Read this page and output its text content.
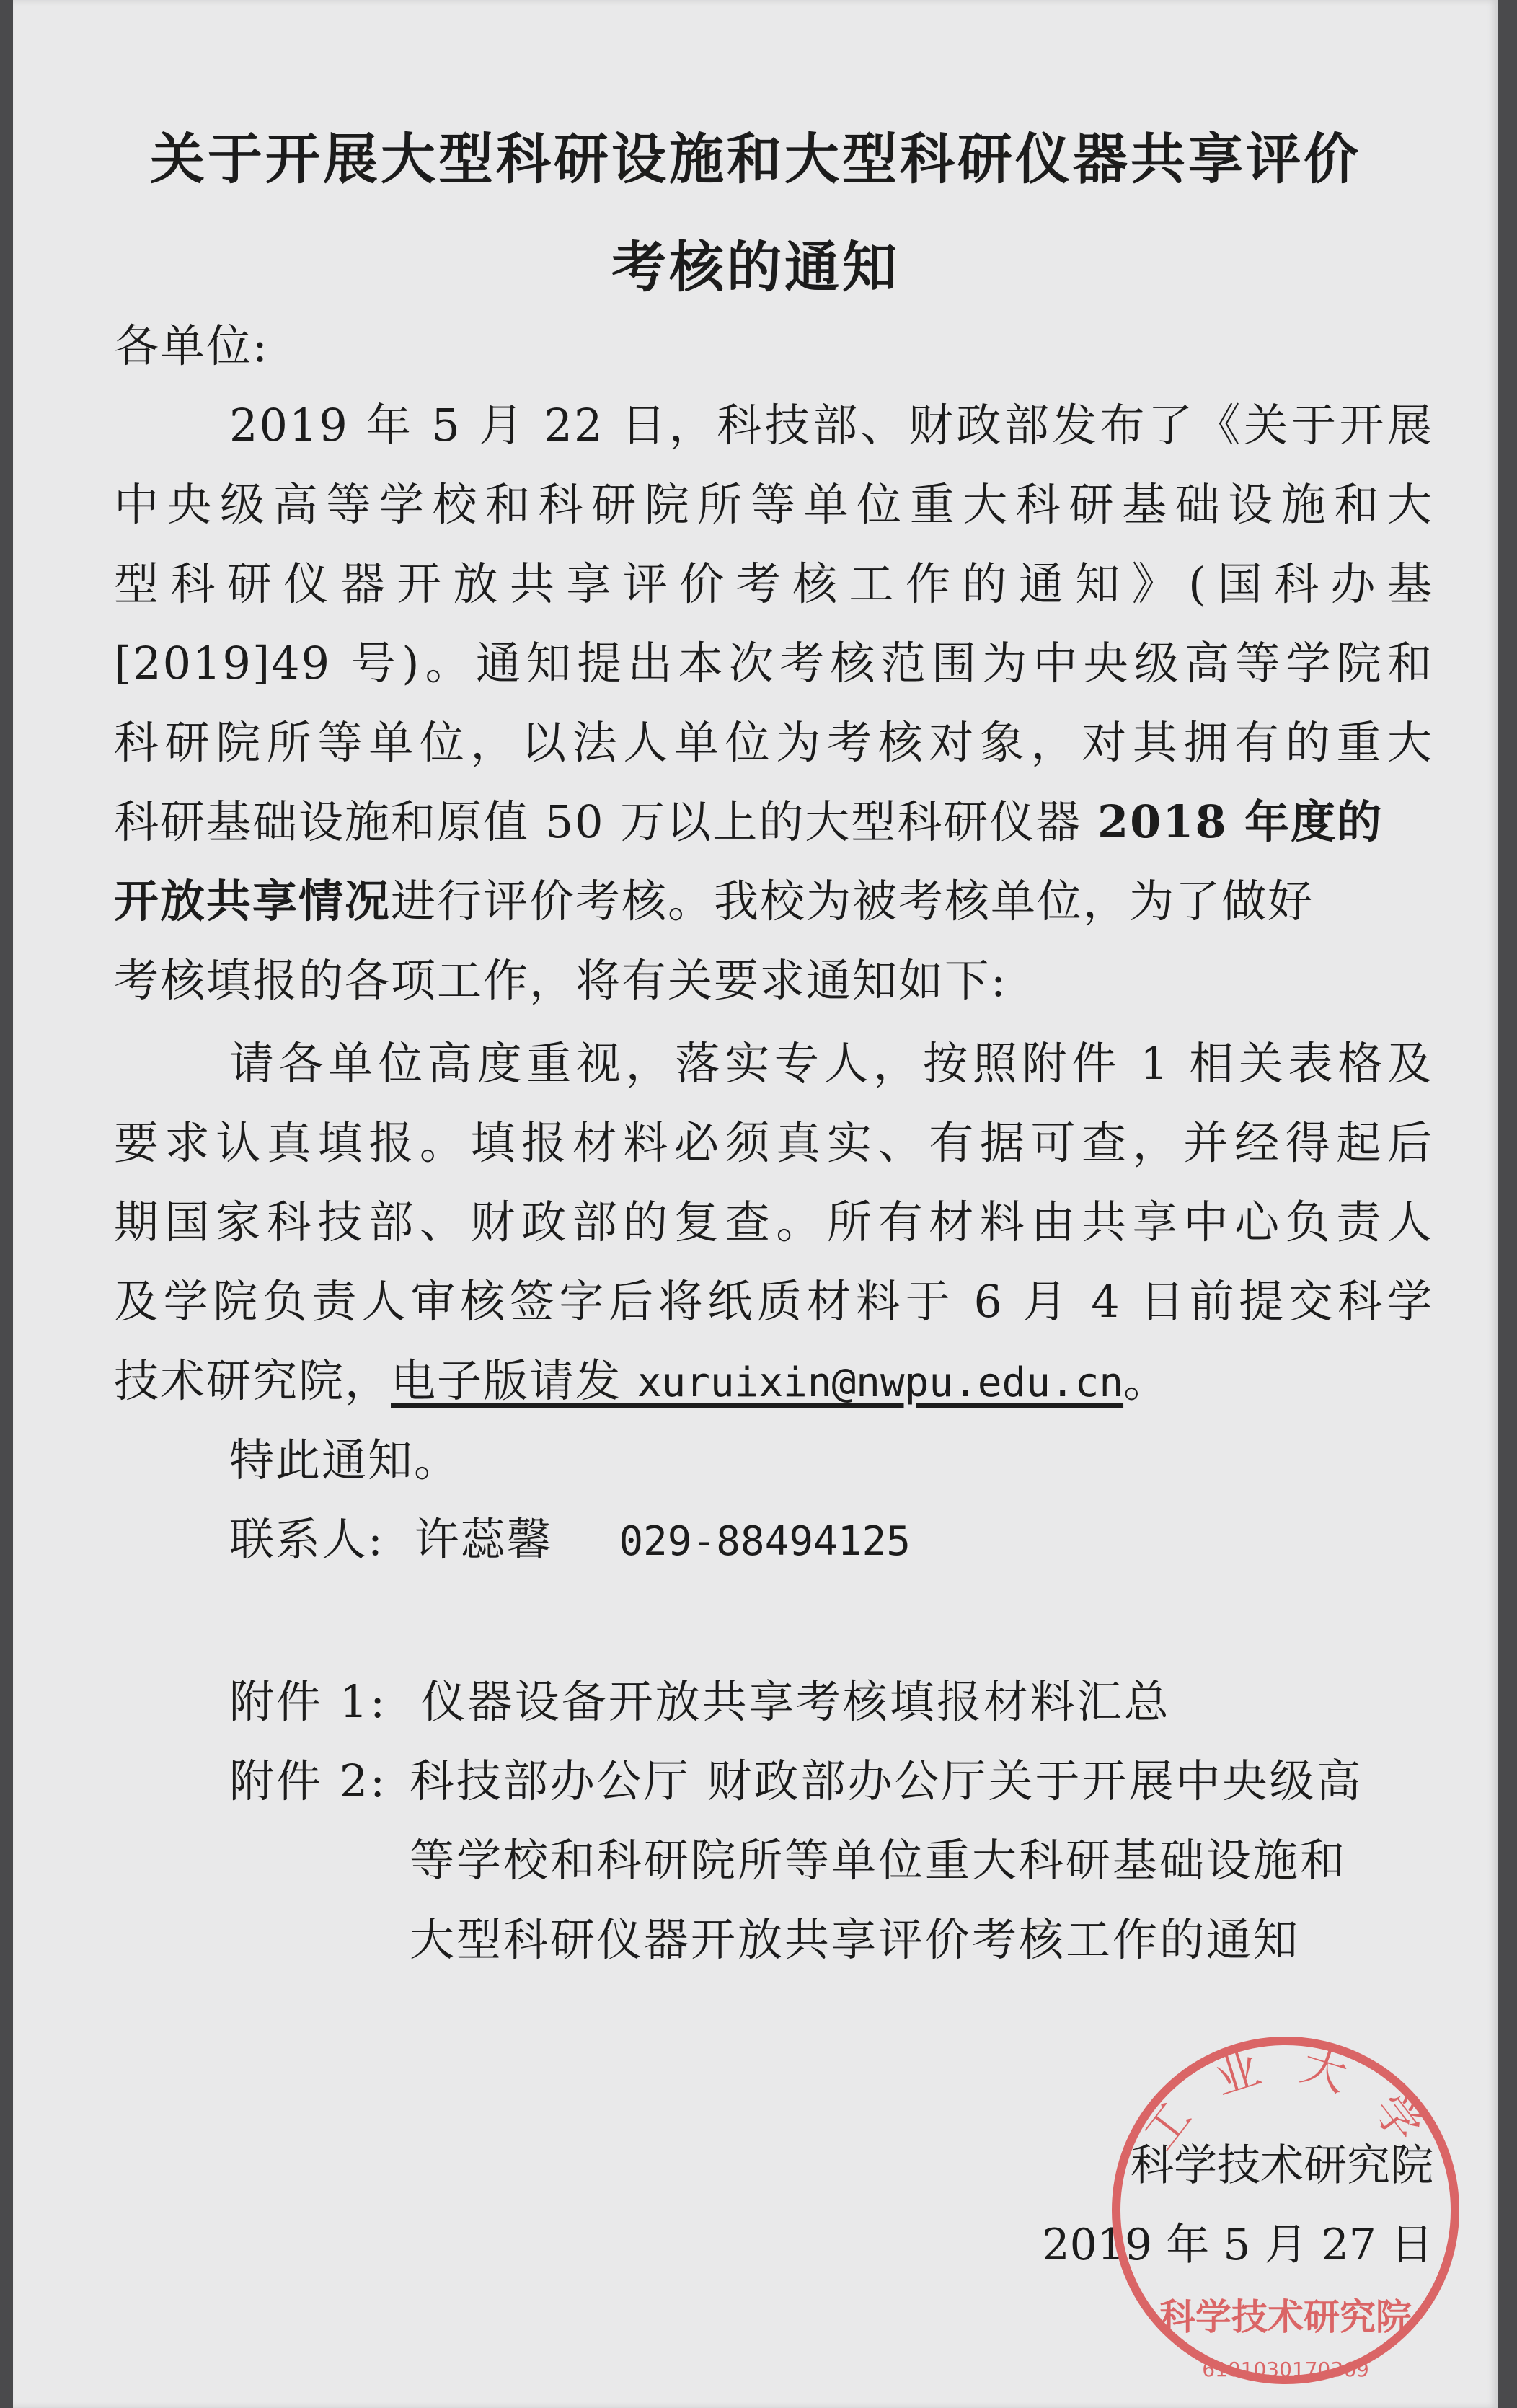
关于开展大型科研设施和大型科研仪器共享评价
考核的通知
各单位:
2019 年 5 月 22 日，科技部、财政部发布了《关于开展
中央级高等学校和科研院所等单位重大科研基础设施和大
型科研仪器开放共享评价考核工作的通知》(国科办基
[2019]49 号)。通知提出本次考核范围为中央级高等学院和
科研院所等单位，以法人单位为考核对象，对其拥有的重大
科研基础设施和原值 50 万以上的大型科研仪器 2018 年度的
开放共享情况进行评价考核。我校为被考核单位，为了做好
考核填报的各项工作，将有关要求通知如下:
请各单位高度重视，落实专人，按照附件 1 相关表格及
要求认真填报。填报材料必须真实、有据可查，并经得起后
期国家科技部、财政部的复查。所有材料由共享中心负责人
及学院负责人审核签字后将纸质材料于 6 月 4 日前提交科学
技术研究院，电子版请发 xuruixin@nwpu.edu.cn。
特此通知。
联系人: 许蕊馨 029-88494125
附件 1: 仪器设备开放共享考核填报材料汇总
附件 2: 科技部办公厅 财政部办公厅关于开展中央级高
等学校和科研院所等单位重大科研基础设施和
大型科研仪器开放共享评价考核工作的通知
工 业 大 学
科学技术研究院
6101030170369
科学技术研究院
2019 年 5 月 27 日
